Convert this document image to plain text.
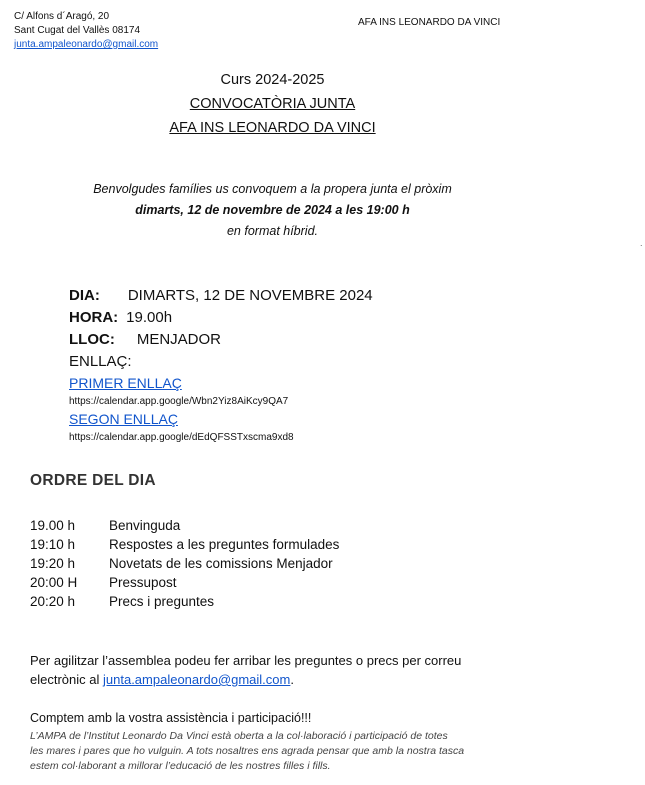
C/ Alfons d´Aragó, 20
Sant Cugat del Vallès 08174
junta.ampaleonardo@gmail.com
AFA INS LEONARDO DA VINCI
Curs 2024-2025
CONVOCATÒRIA JUNTA
AFA INS LEONARDO DA VINCI
Benvolgudes famílies us convoquem a la propera junta el pròxim
dimarts, 12 de novembre de 2024 a les 19:00 h
en format híbrid.
.
DIA: DIMARTS, 12 DE NOVEMBRE 2024
HORA: 19.00h
LLOC: MENJADOR
ENLLAÇ:
PRIMER ENLLAÇ
https://calendar.app.google/Wbn2Yiz8AiKcy9QA7
SEGON ENLLAÇ
https://calendar.app.google/dEdQFSSTxscma9xd8
ORDRE DEL DIA
19.00 h	Benvinguda
19:10 h	Respostes a les preguntes formulades
19:20 h	Novetats de les comissions Menjador
20:00 H Pressupost
20:20 h	Precs i preguntes
Per agilitzar l’assemblea podeu fer arribar les preguntes o precs per correu
electrònic al junta.ampaleonardo@gmail.com.
Comptem amb la vostra assistència i participació!!!
L’AMPA de l’Institut Leonardo Da Vinci està oberta a la col·laboració i participació de totes
les mares i pares que ho vulguin. A tots nosaltres ens agrada pensar que amb la nostra tasca
estem col·laborant a millorar l’educació de les nostres filles i fills.
